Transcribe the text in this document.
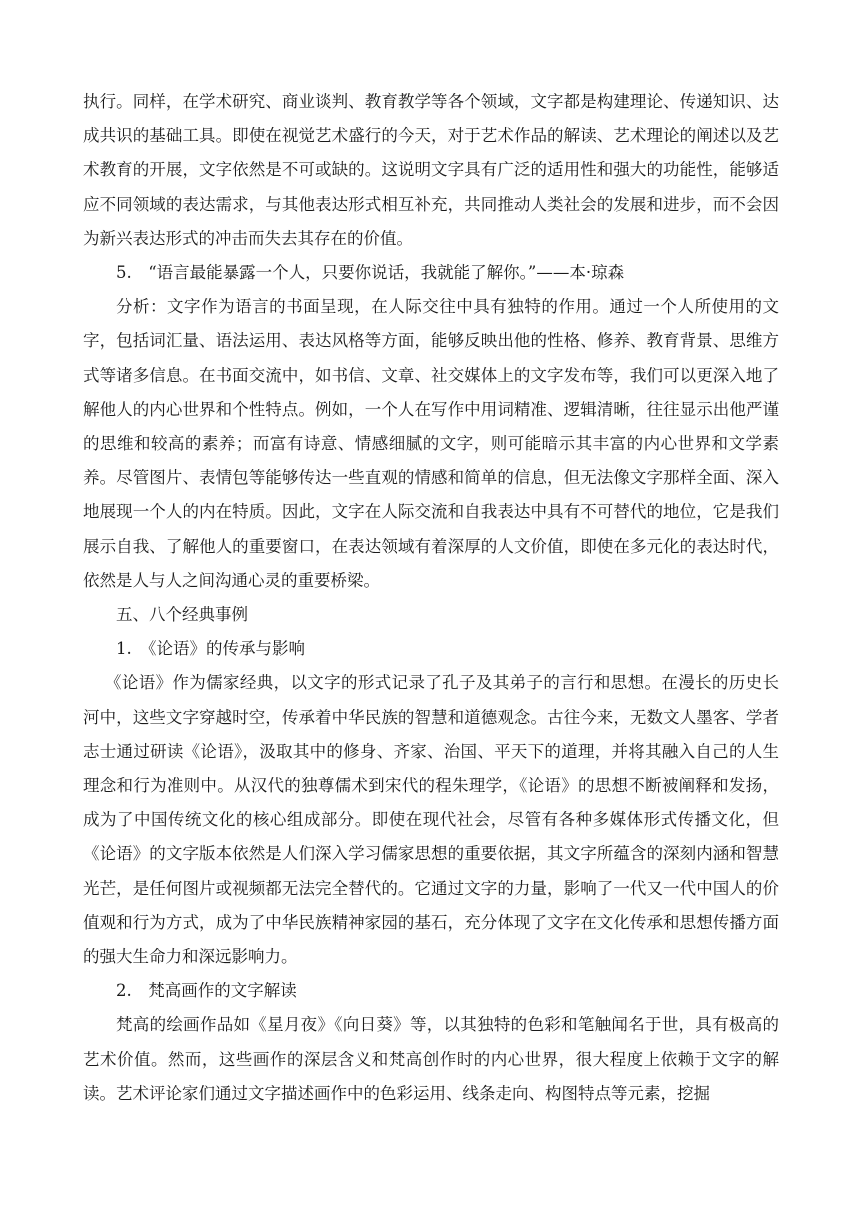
执行。同样，在学术研究、商业谈判、教育教学等各个领域，文字都是构建理论、传递知识、达成共识的基础工具。即使在视觉艺术盛行的今天，对于艺术作品的解读、艺术理论的阐述以及艺术教育的开展，文字依然是不可或缺的。这说明文字具有广泛的适用性和强大的功能性，能够适应不同领域的表达需求，与其他表达形式相互补充，共同推动人类社会的发展和进步，而不会因为新兴表达形式的冲击而失去其存在的价值。

5.　“语言最能暴露一个人，只要你说话，我就能了解你。”——本·琼森

分析：文字作为语言的书面呈现，在人际交往中具有独特的作用。通过一个人所使用的文字，包括词汇量、语法运用、表达风格等方面，能够反映出他的性格、修养、教育背景、思维方式等诸多信息。在书面交流中，如书信、文章、社交媒体上的文字发布等，我们可以更深入地了解他人的内心世界和个性特点。例如，一个人在写作中用词精准、逻辑清晰，往往显示出他严谨的思维和较高的素养；而富有诗意、情感细腻的文字，则可能暗示其丰富的内心世界和文学素养。尽管图片、表情包等能够传达一些直观的情感和简单的信息，但无法像文字那样全面、深入地展现一个人的内在特质。因此，文字在人际交流和自我表达中具有不可替代的地位，它是我们展示自我、了解他人的重要窗口，在表达领域有着深厚的人文价值，即使在多元化的表达时代，依然是人与人之间沟通心灵的重要桥梁。

五、八个经典事例

1.　《论语》的传承与影响

《论语》作为儒家经典，以文字的形式记录了孔子及其弟子的言行和思想。在漫长的历史长河中，这些文字穿越时空，传承着中华民族的智慧和道德观念。古往今来，无数文人墨客、学者志士通过研读《论语》，汲取其中的修身、齐家、治国、平天下的道理，并将其融入自己的人生理念和行为准则中。从汉代的独尊儒术到宋代的程朱理学，《论语》的思想不断被阐释和发扬，成为了中国传统文化的核心组成部分。即使在现代社会，尽管有各种多媒体形式传播文化，但《论语》的文字版本依然是人们深入学习儒家思想的重要依据，其文字所蕴含的深刻内涵和智慧光芒，是任何图片或视频都无法完全替代的。它通过文字的力量，影响了一代又一代中国人的价值观和行为方式，成为了中华民族精神家园的基石，充分体现了文字在文化传承和思想传播方面的强大生命力和深远影响力。

2.　梵高画作的文字解读

梵高的绘画作品如《星月夜》《向日葵》等，以其独特的色彩和笔触闻名于世，具有极高的艺术价值。然而，这些画作的深层含义和梵高创作时的内心世界，很大程度上依赖于文字的解读。艺术评论家们通过文字描述画作中的色彩运用、线条走向、构图特点等元素，挖掘
